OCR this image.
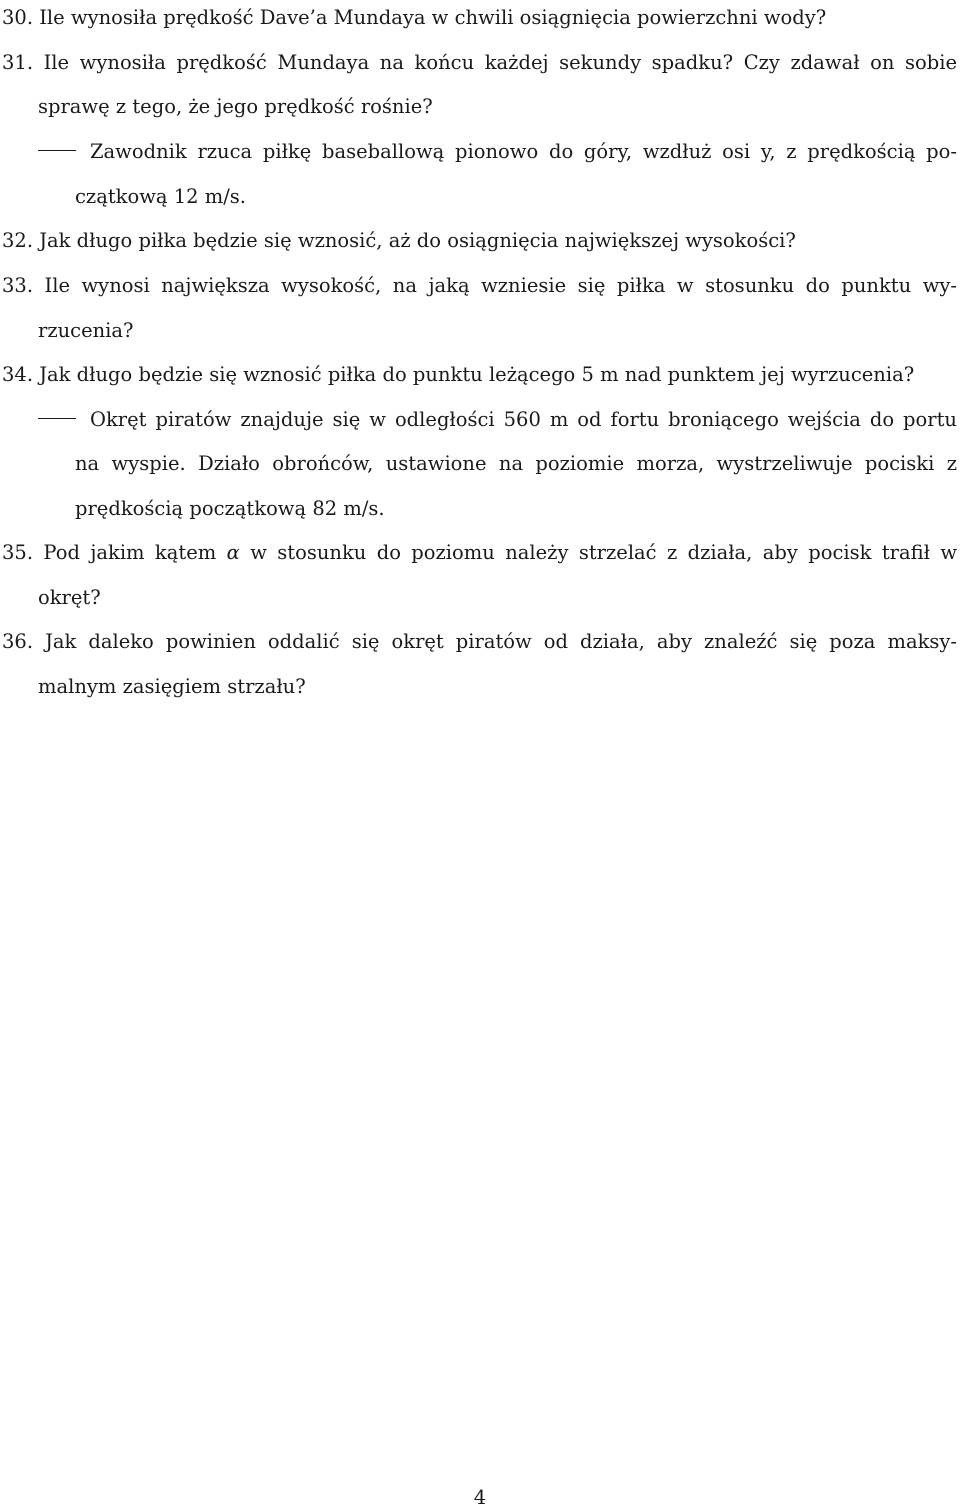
30. Ile wynosiła prędkość Dave’a Mundaya w chwili osiągnięcia powierzchni wody?
31. Ile wynosiła prędkość Mundaya na końcu każdej sekundy spadku? Czy zdawał on sobie
sprawę z tego, że jego prędkość rośnie?
Zawodnik rzuca piłkę baseballową pionowo do góry, wzdłuż osi y, z prędkością po-
czątkową 12 m/s.
32. Jak długo piłka będzie się wznosić, aż do osiągnięcia największej wysokości?
33. Ile wynosi największa wysokość, na jaką wzniesie się piłka w stosunku do punktu wy-
rzucenia?
34. Jak długo będzie się wznosić piłka do punktu leżącego 5 m nad punktem jej wyrzucenia?
Okręt piratów znajduje się w odległości 560 m od fortu broniącego wejścia do portu
na wyspie. Działo obrońców, ustawione na poziomie morza, wystrzeliwuje pociski z
prędkością początkową 82 m/s.
35. Pod jakim kątem α w stosunku do poziomu należy strzelać z działa, aby pocisk trafił w
okręt?
36. Jak daleko powinien oddalić się okręt piratów od działa, aby znaleźć się poza maksy-
malnym zasięgiem strzału?
4
